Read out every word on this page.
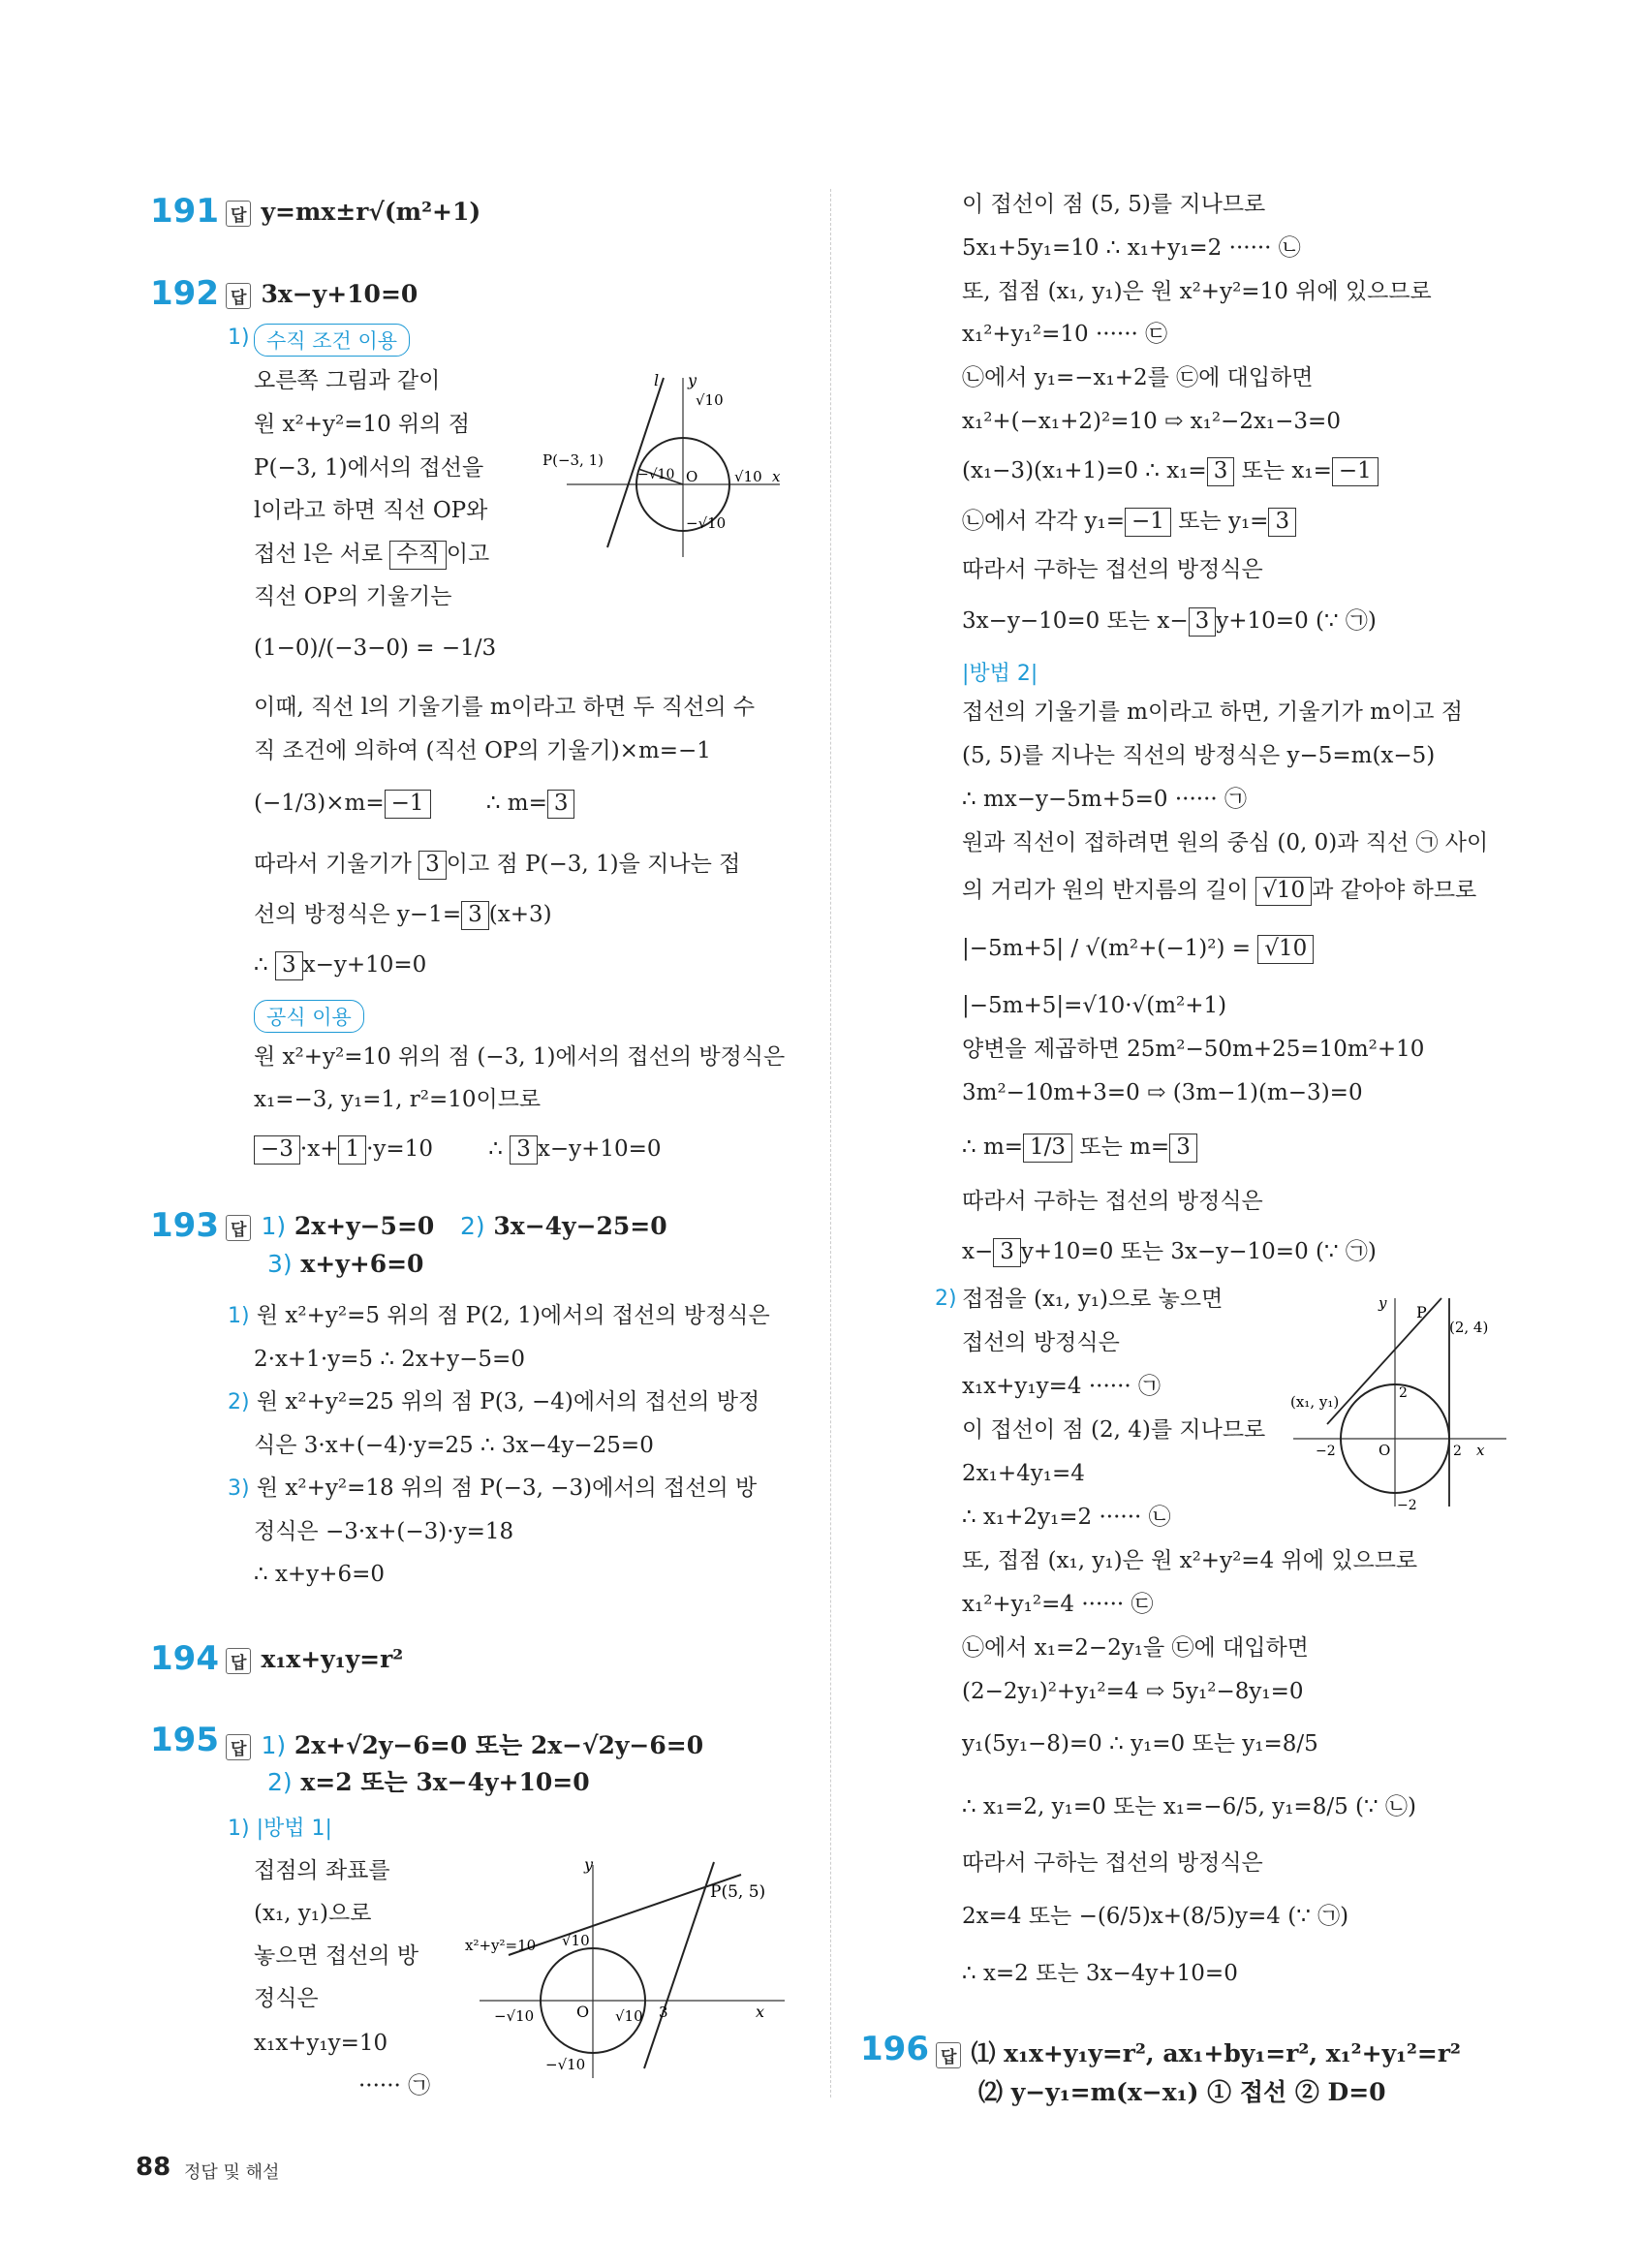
191 답 y=mx±r√(m²+1)
192 답 3x−y+10=0
1) 수직 조건 이용
오른쪽 그림과 같이
원 x²+y²=10 위의 점
P(−3, 1)에서의 접선을
l이라고 하면 직선 OP와
접선 l은 서로 수직 이고
직선 OP의 기울기는
(1−0)/(−3−0) = −1/3
이때, 직선 l의 기울기를 m이라고 하면 두 직선의 수
직 조건에 의하여 (직선 OP의 기울기)×m=−1
(−1/3)×m= −1	∴ m= 3
따라서 기울기가 3 이고 점 P(−3, 1)을 지나는 접
선의 방정식은 y−1= 3 (x+3)
∴ 3 x−y+10=0
공식 이용
원 x²+y²=10 위의 점 (−3, 1)에서의 접선의 방정식은
x₁=−3, y₁=1, r²=10이므로
−3 ·x+ 1 ·y=10 ∴ 3 x−y+10=0
l y
√10
P(−3, 1)
−√10 O	√10 x
−√10
193 답 1) 2x+y−5=0 2) 3x−4y−25=0
3) x+y+6=0
1) 원 x²+y²=5 위의 점 P(2, 1)에서의 접선의 방정식은
2·x+1·y=5 ∴ 2x+y−5=0
2) 원 x²+y²=25 위의 점 P(3, −4)에서의 접선의 방정
식은 3·x+(−4)·y=25 ∴ 3x−4y−25=0
3) 원 x²+y²=18 위의 점 P(−3, −3)에서의 접선의 방
정식은 −3·x+(−3)·y=18
∴ x+y+6=0
194 답 x₁x+y₁y=r²
195 답 1) 2x+√2y−6=0 또는 2x−√2y−6=0
2) x=2 또는 3x−4y+10=0
1) |방법 1|
접점의 좌표를
(x₁, y₁)으로
놓으면 접선의 방
정식은
x₁x+y₁y=10
······ ㉠
y
P(5, 5)
x²+y²=10 √10
−√10	O √10 3	x
−√10
이 접선이 점 (5, 5)를 지나므로
5x₁+5y₁=10 ∴ x₁+y₁=2 ······ ㉡
또, 접점 (x₁, y₁)은 원 x²+y²=10 위에 있으므로
x₁²+y₁²=10 ······ ㉢
㉡에서 y₁=−x₁+2를 ㉢에 대입하면
x₁²+(−x₁+2)²=10 ⇨ x₁²−2x₁−3=0
(x₁−3)(x₁+1)=0 ∴ x₁= 3 또는 x₁= −1
㉡에서 각각 y₁= −1 또는 y₁= 3
따라서 구하는 접선의 방정식은
3x−y−10=0 또는 x− 3 y+10=0 (∵ ㉠)
|방법 2|
접선의 기울기를 m이라고 하면, 기울기가 m이고 점
(5, 5)를 지나는 직선의 방정식은 y−5=m(x−5)
∴ mx−y−5m+5=0 ······ ㉠
원과 직선이 접하려면 원의 중심 (0, 0)과 직선 ㉠ 사이
의 거리가 원의 반지름의 길이 √10 과 같아야 하므로
|−5m+5| / √(m²+(−1)²) = √10
|−5m+5|=√10·√(m²+1)
양변을 제곱하면 25m²−50m+25=10m²+10
3m²−10m+3=0 ⇨ (3m−1)(m−3)=0
∴ m= 1/3 또는 m= 3
따라서 구하는 접선의 방정식은
x− 3 y+10=0 또는 3x−y−10=0 (∵ ㉠)
2) 접점을 (x₁, y₁)으로 놓으면
접선의 방정식은
x₁x+y₁y=4 ······ ㉠
이 접선이 점 (2, 4)를 지나므로
2x₁+4y₁=4
∴ x₁+2y₁=2 ······ ㉡
또, 접점 (x₁, y₁)은 원 x²+y²=4 위에 있으므로
x₁²+y₁²=4 ······ ㉢
㉡에서 x₁=2−2y₁을 ㉢에 대입하면
(2−2y₁)²+y₁²=4 ⇨ 5y₁²−8y₁=0
y₁(5y₁−8)=0 ∴ y₁=0 또는 y₁=8/5
∴ x₁=2, y₁=0 또는 x₁=−6/5, y₁=8/5 (∵ ㉡)
따라서 구하는 접선의 방정식은
2x=4 또는 −(6/5)x+(8/5)y=4 (∵ ㉠)
∴ x=2 또는 3x−4y+10=0
y P
(2, 4)
(x₁, y₁)	2
−2	O	2 x
−2
196 답 ⑴ x₁x+y₁y=r², ax₁+by₁=r², x₁²+y₁²=r²
⑵ y−y₁=m(x−x₁) ① 접선 ② D=0
88 정답 및 해설
